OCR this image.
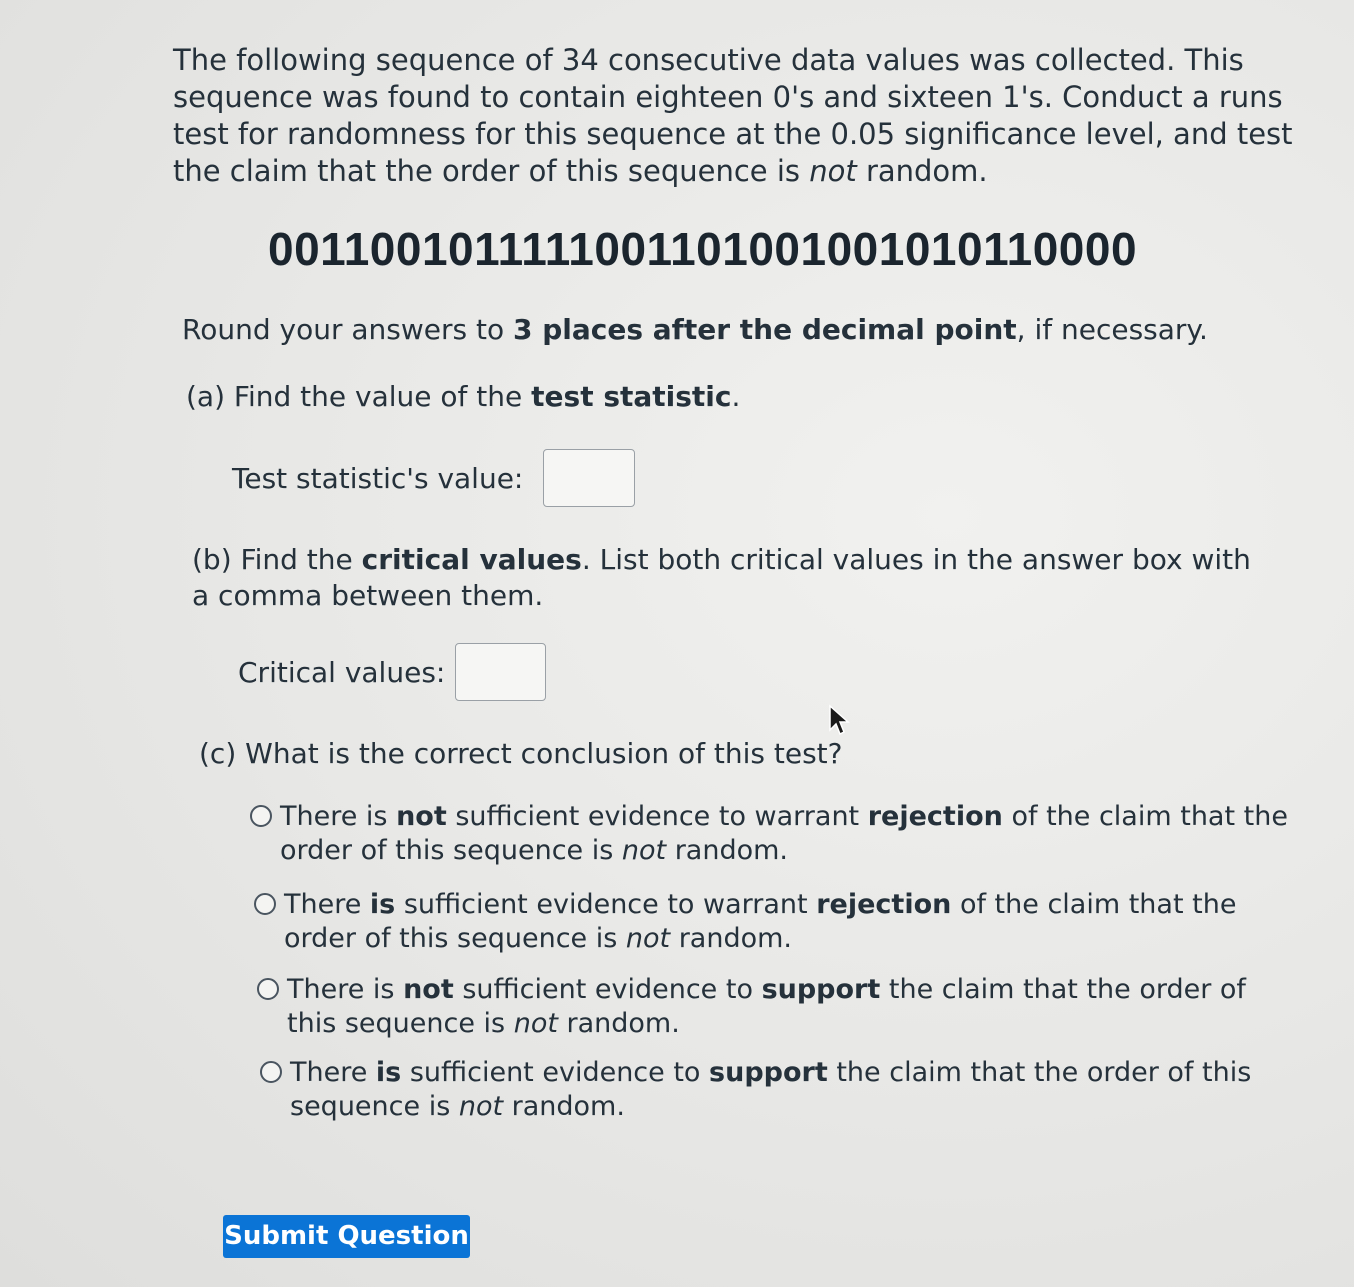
The following sequence of 34 consecutive data values was collected. This sequence was found to contain eighteen 0's and sixteen 1's. Conduct a runs test for randomness for this sequence at the 0.05 significance level, and test the claim that the order of this sequence is not random.
0011001011111001101001001010110000
Round your answers to 3 places after the decimal point, if necessary.
(a) Find the value of the test statistic.
Test statistic's value:
(b) Find the critical values. List both critical values in the answer box with a comma between them.
Critical values:
(c) What is the correct conclusion of this test?
There is not sufficient evidence to warrant rejection of the claim that the order of this sequence is not random.
There is sufficient evidence to warrant rejection of the claim that the order of this sequence is not random.
There is not sufficient evidence to support the claim that the order of this sequence is not random.
There is sufficient evidence to support the claim that the order of this sequence is not random.
Submit Question
